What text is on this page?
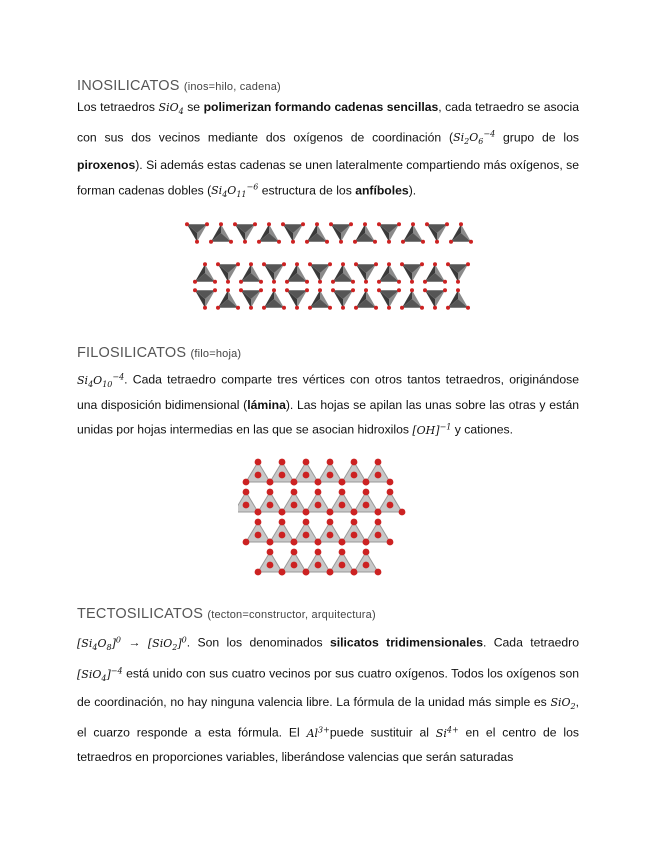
INOSILICATOS (inos=hilo, cadena)
Los tetraedros SiO$_4$ se polimerizan formando cadenas sencillas, cada tetraedro se asocia con sus dos vecinos mediante dos oxígenos de coordinación ($Si_2O_6^{-4}$ grupo de los piroxenos). Si además estas cadenas se unen lateralmente compartiendo más oxígenos, se forman cadenas dobles ($Si_4O_{11}^{-6}$ estructura de los anfíboles).
FILOSILICATOS (filo=hoja)
$Si_4O_{10}^{-4}$. Cada tetraedro comparte tres vértices con otros tantos tetraedros, originándose una disposición bidimensional (lámina). Las hojas se apilan las unas sobre las otras y están unidas por hojas intermedias en las que se asocian hidroxilos [OH]$^{-1}$ y cationes.
TECTOSILICATOS (tecton=constructor, arquitectura)
$[Si_4O_8]^0 \to [SiO_2]^0$. Son los denominados silicatos tridimensionales. Cada tetraedro $[SiO_4]^{-4}$ está unido con sus cuatro vecinos por sus cuatro oxígenos. Todos los oxígenos son de coordinación, no hay ninguna valencia libre. La fórmula de la unidad más simple es SiO$_2$, el cuarzo responde a esta fórmula. El $Al^{3+}puede$ sustituir al $Si^{4+}$ en el centro de los tetraedros en proporciones variables, liberándose valencias que serán saturadas
